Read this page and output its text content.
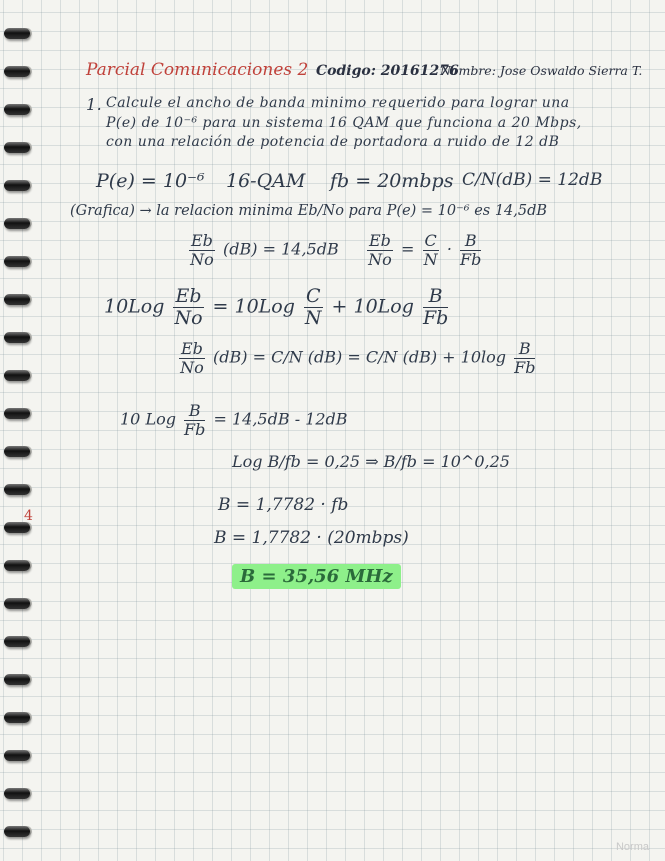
Parcial Comunicaciones 2 Codigo: 20161276
Nombre: Jose Oswaldo Sierra T.
1. Calcule el ancho de banda minimo requerido para lograr una
P(e) de 10⁻⁶ para un sistema 16 QAM que funciona a 20 Mbps,
con una relación de potencia de portadora a ruido de 12 dB
P(e) = 10⁻⁶ 16-QAM fb = 20mbps C/N(dB) = 12dB
(Grafica) → la relacion minima Eb/No para P(e) = 10⁻⁶ es 14,5dB
$\frac{Eb}{No} (dB) = 14,5dB \frac{Eb}{No} = \frac{C}{N} \cdot \frac{B}{Fb}$
$10Log \frac{Eb}{No} = 10Log \frac{C}{N} + 10Log \frac{B}{Fb}$
$\frac{Eb}{No} (dB) = C/N$ (dB) = C/N $(dB) + 10\log \frac{B}{Fb}$
10 Log $\frac{B}{Fb} = 14,5dB - 12dB$
Log B/fb = 0,25 ⇒ B/fb = 10^0,25
B = 1,7782 · fb
B = 1,7782 · (20mbps)
B = 35,56 MHz
4
Norma
